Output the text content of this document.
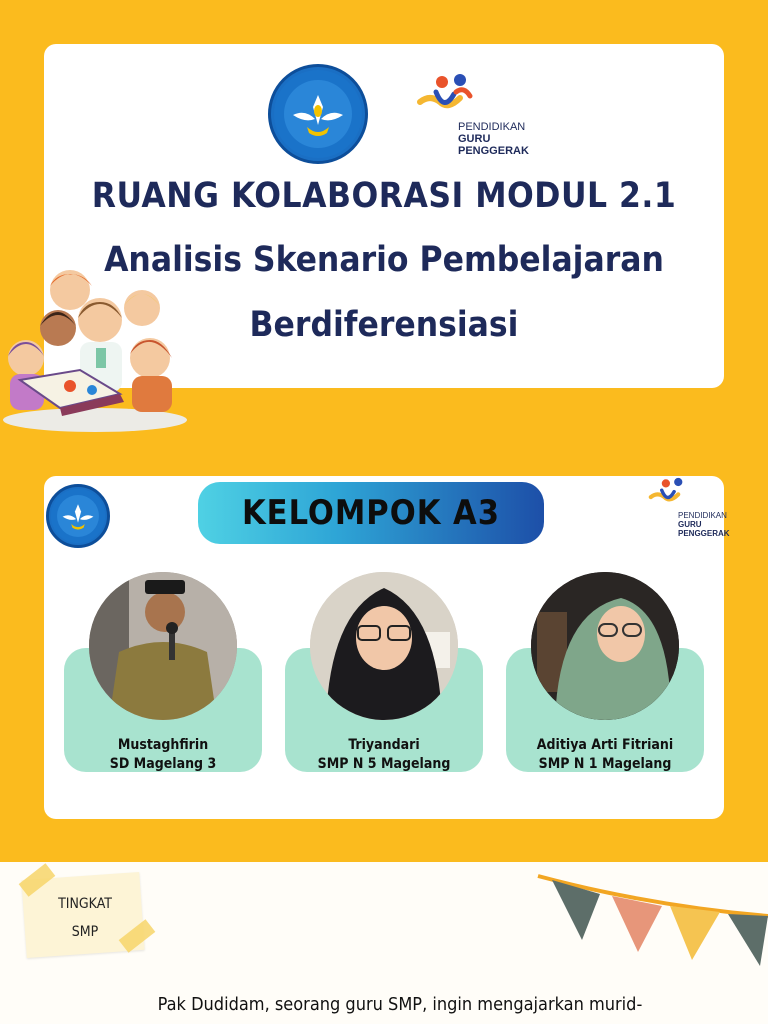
PENDIDIKAN
GURU
PENGGERAK
RUANG KOLABORASI MODUL 2.1
Analisis Skenario Pembelajaran
Berdiferensiasi
PENDIDIKAN
GURU
PENGGERAK
KELOMPOK A3
Mustaghfirin
SD Magelang 3
Triyandari
SMP N 5 Magelang
Aditiya Arti Fitriani
SMP N 1 Magelang
TINGKAT
SMP
Pak Dudidam, seorang guru SMP, ingin mengajarkan murid-
